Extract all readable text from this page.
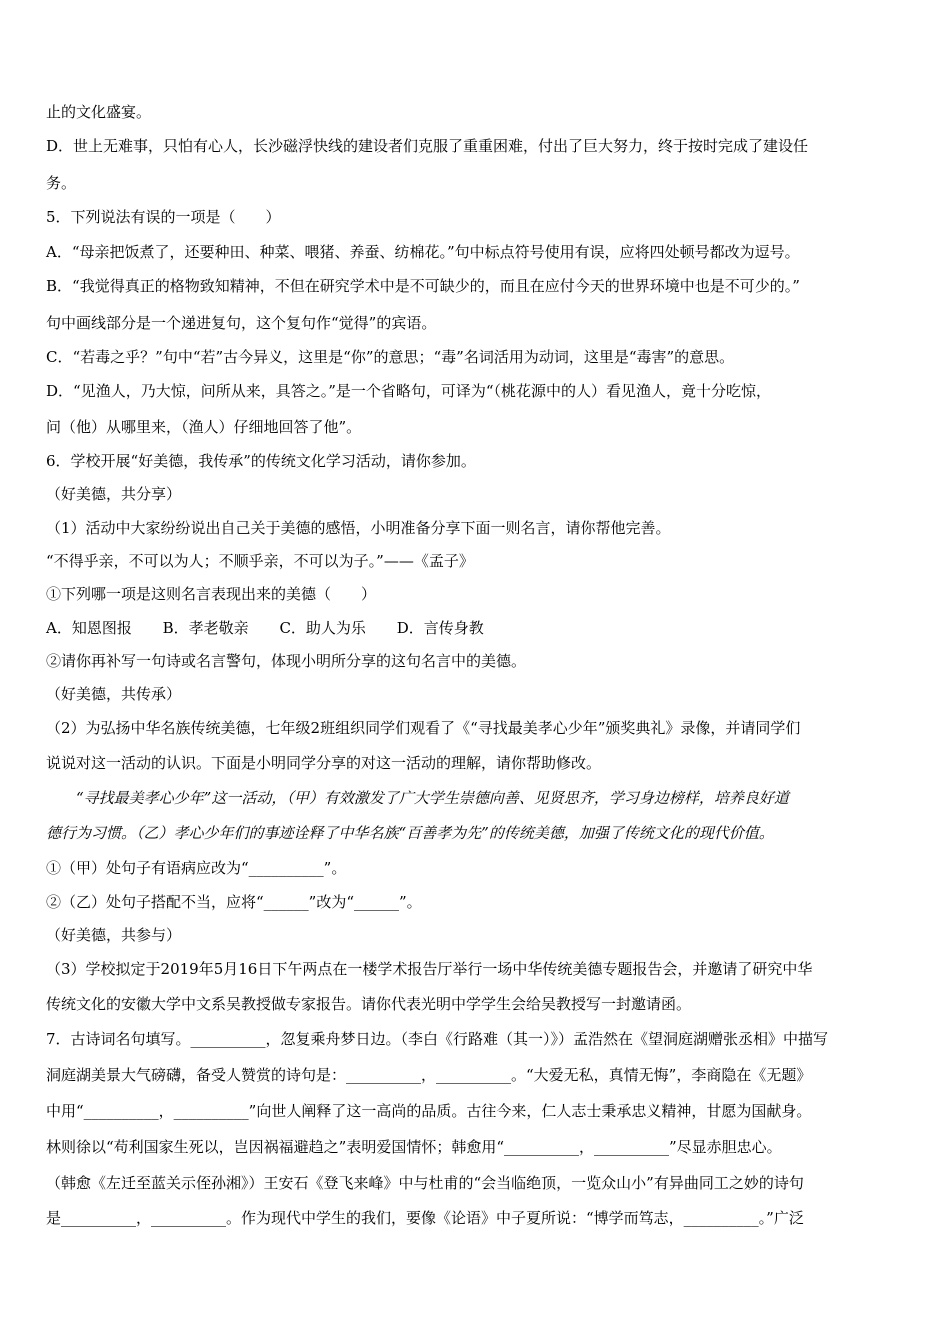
止的文化盛宴。
D．世上无难事，只怕有心人，长沙磁浮快线的建设者们克服了重重困难，付出了巨大努力，终于按时完成了建设任
务。
5．下列说法有误的一项是（　　）
A．“母亲把饭煮了，还要种田、种菜、喂猪、养蚕、纺棉花。”句中标点符号使用有误，应将四处顿号都改为逗号。
B．“我觉得真正的格物致知精神，不但在研究学术中是不可缺少的，而且在应付今天的世界环境中也是不可少的。”
句中画线部分是一个递进复句，这个复句作“觉得”的宾语。
C．“若毒之乎？”句中“若”古今异义，这里是“你”的意思；“毒”名词活用为动词，这里是“毒害”的意思。
D．“见渔人，乃大惊，问所从来，具答之。”是一个省略句，可译为“（桃花源中的人）看见渔人，竟十分吃惊，
问（他）从哪里来，（渔人）仔细地回答了他”。
6．学校开展“好美德，我传承”的传统文化学习活动，请你参加。
（好美德，共分享）
（1）活动中大家纷纷说出自己关于美德的感悟，小明准备分享下面一则名言，请你帮他完善。
“不得乎亲，不可以为人；不顺乎亲，不可以为子。”——《孟子》
①下列哪一项是这则名言表现出来的美德（　　）
A．知恩图报 B．孝老敬亲 C．助人为乐 D．言传身教
②请你再补写一句诗或名言警句，体现小明所分享的这句名言中的美德。
（好美德，共传承）
（2）为弘扬中华名族传统美德，七年级2班组织同学们观看了《“寻找最美孝心少年”颁奖典礼》录像，并请同学们
说说对这一活动的认识。下面是小明同学分享的对这一活动的理解，请你帮助修改。
“寻找最美孝心少年”这一活动，（甲）有效激发了广大学生崇德向善、见贤思齐，学习身边榜样，培养良好道
德行为习惯。（乙）孝心少年们的事迹诠释了中华名族“百善孝为先”的传统美德，加强了传统文化的现代价值。
①（甲）处句子有语病应改为“__________”。
②（乙）处句子搭配不当，应将“______”改为“______”。
（好美德，共参与）
（3）学校拟定于2019年5月16日下午两点在一楼学术报告厅举行一场中华传统美德专题报告会，并邀请了研究中华
传统文化的安徽大学中文系吴教授做专家报告。请你代表光明中学学生会给吴教授写一封邀请函。
7．古诗词名句填写。__________，忽复乘舟梦日边。（李白《行路难（其一）》）孟浩然在《望洞庭湖赠张丞相》中描写
洞庭湖美景大气磅礴，备受人赞赏的诗句是：__________，__________。“大爱无私，真情无悔”，李商隐在《无题》
中用“__________，__________”向世人阐释了这一高尚的品质。古往今来，仁人志士秉承忠义精神，甘愿为国献身。
林则徐以“苟利国家生死以，岂因祸福避趋之”表明爱国情怀；韩愈用“__________，__________”尽显赤胆忠心。
（韩愈《左迁至蓝关示侄孙湘》）王安石《登飞来峰》中与杜甫的“会当临绝顶，一览众山小”有异曲同工之妙的诗句
是__________，__________。作为现代中学生的我们，要像《论语》中子夏所说：“博学而笃志，__________。”广泛
